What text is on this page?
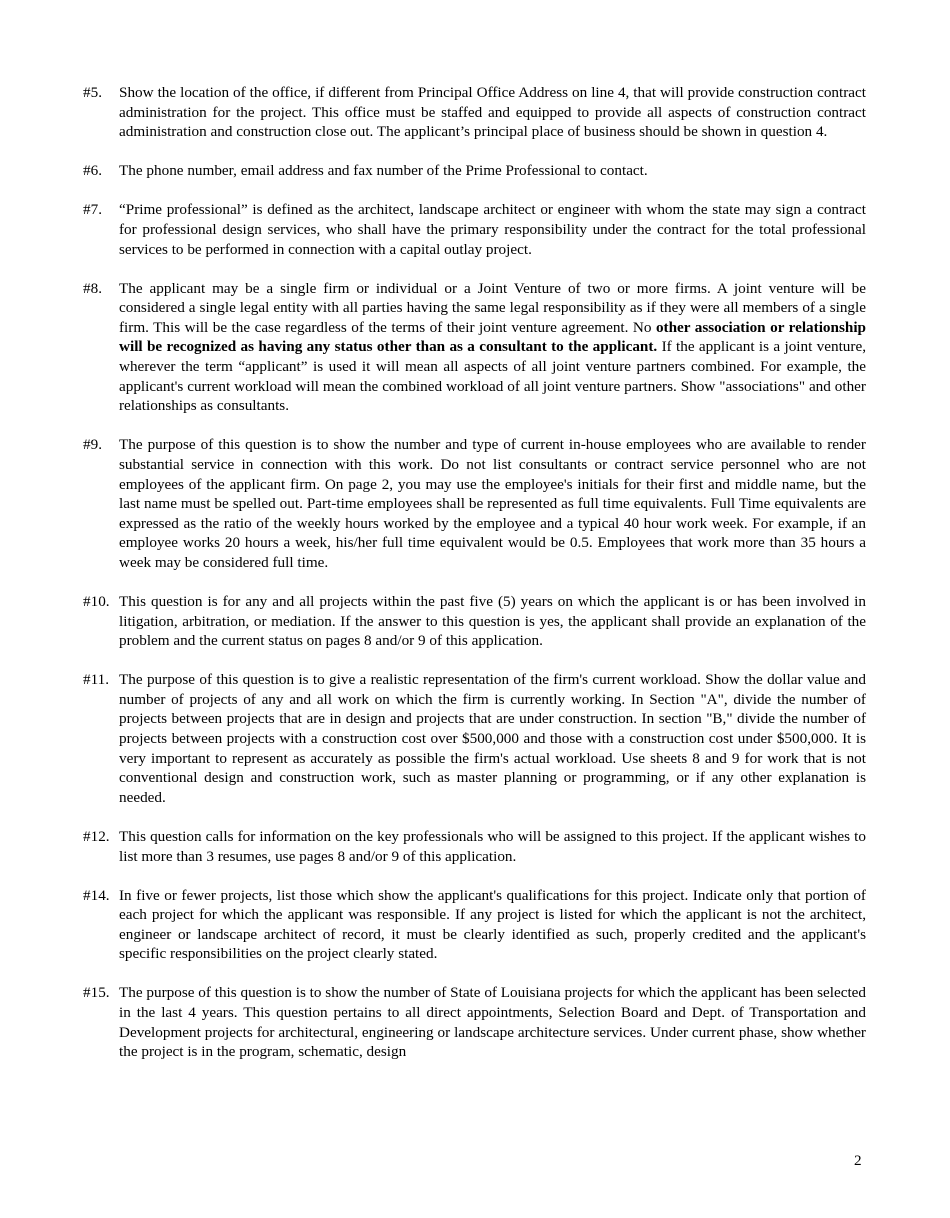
#5.	Show the location of the office, if different from Principal Office Address on line 4, that will provide construction contract administration for the project. This office must be staffed and equipped to provide all aspects of construction contract administration and construction close out. The applicant’s principal place of business should be shown in question 4.
#6.	The phone number, email address and fax number of the Prime Professional to contact.
#7.	“Prime professional” is defined as the architect, landscape architect or engineer with whom the state may sign a contract for professional design services, who shall have the primary responsibility under the contract for the total professional services to be performed in connection with a capital outlay project.
#8.	The applicant may be a single firm or individual or a Joint Venture of two or more firms. A joint venture will be considered a single legal entity with all parties having the same legal responsibility as if they were all members of a single firm. This will be the case regardless of the terms of their joint venture agreement. No other association or relationship will be recognized as having any status other than as a consultant to the applicant. If the applicant is a joint venture, wherever the term “applicant” is used it will mean all aspects of all joint venture partners combined. For example, the applicant's current workload will mean the combined workload of all joint venture partners. Show "associations" and other relationships as consultants.
#9.	The purpose of this question is to show the number and type of current in-house employees who are available to render substantial service in connection with this work. Do not list consultants or contract service personnel who are not employees of the applicant firm. On page 2, you may use the employee's initials for their first and middle name, but the last name must be spelled out. Part-time employees shall be represented as full time equivalents. Full Time equivalents are expressed as the ratio of the weekly hours worked by the employee and a typical 40 hour work week. For example, if an employee works 20 hours a week, his/her full time equivalent would be 0.5. Employees that work more than 35 hours a week may be considered full time.
#10. This question is for any and all projects within the past five (5) years on which the applicant is or has been involved in litigation, arbitration, or mediation. If the answer to this question is yes, the applicant shall provide an explanation of the problem and the current status on pages 8 and/or 9 of this application.
#11. The purpose of this question is to give a realistic representation of the firm's current workload. Show the dollar value and number of projects of any and all work on which the firm is currently working. In Section "A", divide the number of projects between projects that are in design and projects that are under construction. In section "B," divide the number of projects between projects with a construction cost over $500,000 and those with a construction cost under $500,000. It is very important to represent as accurately as possible the firm's actual workload. Use sheets 8 and 9 for work that is not conventional design and construction work, such as master planning or programming, or if any other explanation is needed.
#12. This question calls for information on the key professionals who will be assigned to this project. If the applicant wishes to list more than 3 resumes, use pages 8 and/or 9 of this application.
#14. In five or fewer projects, list those which show the applicant's qualifications for this project. Indicate only that portion of each project for which the applicant was responsible. If any project is listed for which the applicant is not the architect, engineer or landscape architect of record, it must be clearly identified as such, properly credited and the applicant's specific responsibilities on the project clearly stated.
#15. The purpose of this question is to show the number of State of Louisiana projects for which the applicant has been selected in the last 4 years. This question pertains to all direct appointments, Selection Board and Dept. of Transportation and Development projects for architectural, engineering or landscape architecture services. Under current phase, show whether the project is in the program, schematic, design
2
